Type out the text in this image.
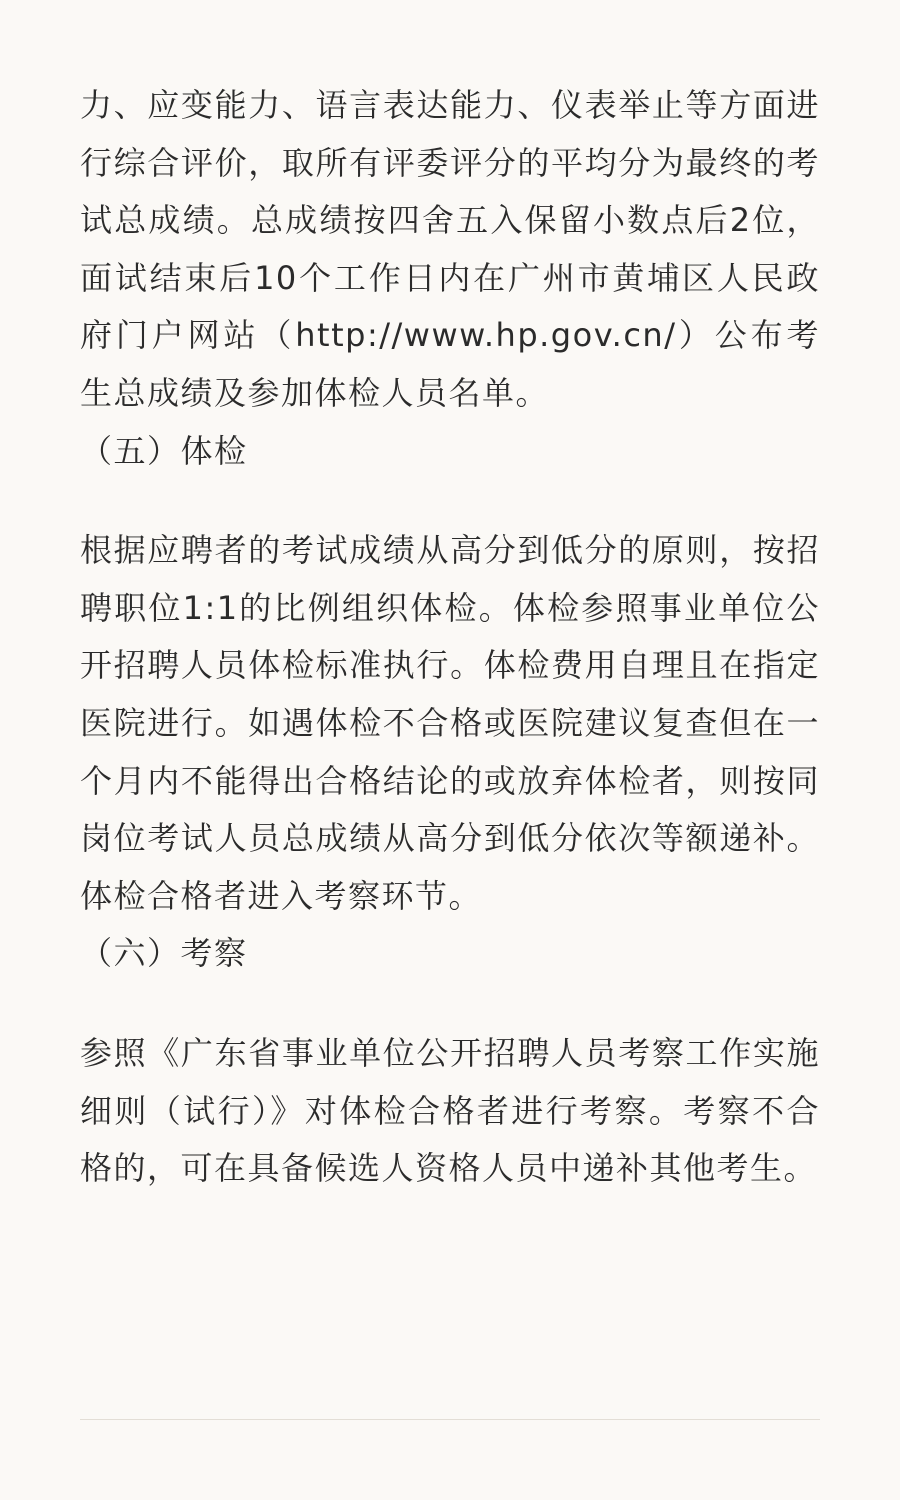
力、应变能力、语言表达能力、仪表举止等方面进行综合评价，取所有评委评分的平均分为最终的考试总成绩。总成绩按四舍五入保留小数点后2位，面试结束后10个工作日内在广州市黄埔区人民政府门户网站（http://www.hp.gov.cn/）公布考生总成绩及参加体检人员名单。

（五）体检

根据应聘者的考试成绩从高分到低分的原则，按招聘职位1:1的比例组织体检。体检参照事业单位公开招聘人员体检标准执行。体检费用自理且在指定医院进行。如遇体检不合格或医院建议复查但在一个月内不能得出合格结论的或放弃体检者，则按同岗位考试人员总成绩从高分到低分依次等额递补。体检合格者进入考察环节。

（六）考察

参照《广东省事业单位公开招聘人员考察工作实施细则（试行）》对体检合格者进行考察。考察不合格的，可在具备候选人资格人员中递补其他考生。
